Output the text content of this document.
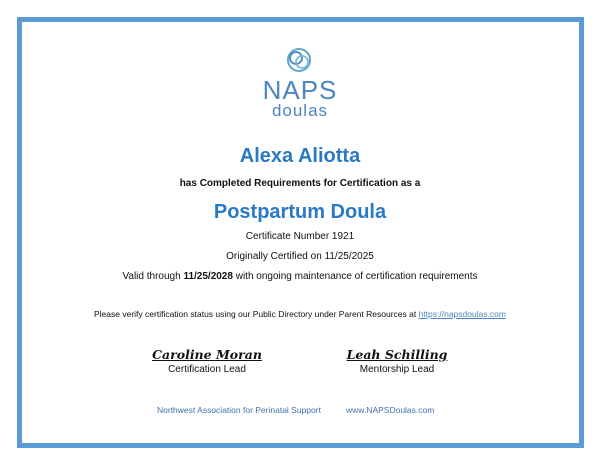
NAPS
doulas
Alexa Aliotta
has Completed Requirements for Certification as a
Postpartum Doula
Certificate Number 1921
Originally Certified on 11/25/2025
Valid through 11/25/2028 with ongoing maintenance of certification requirements
Please verify certification status using our Public Directory under Parent Resources at https://napsdoulas.com
Caroline Moran
Certification Lead
Leah Schilling
Mentorship Lead
Northwest Association for Perinatal Support	www.NAPSDoulas.com
